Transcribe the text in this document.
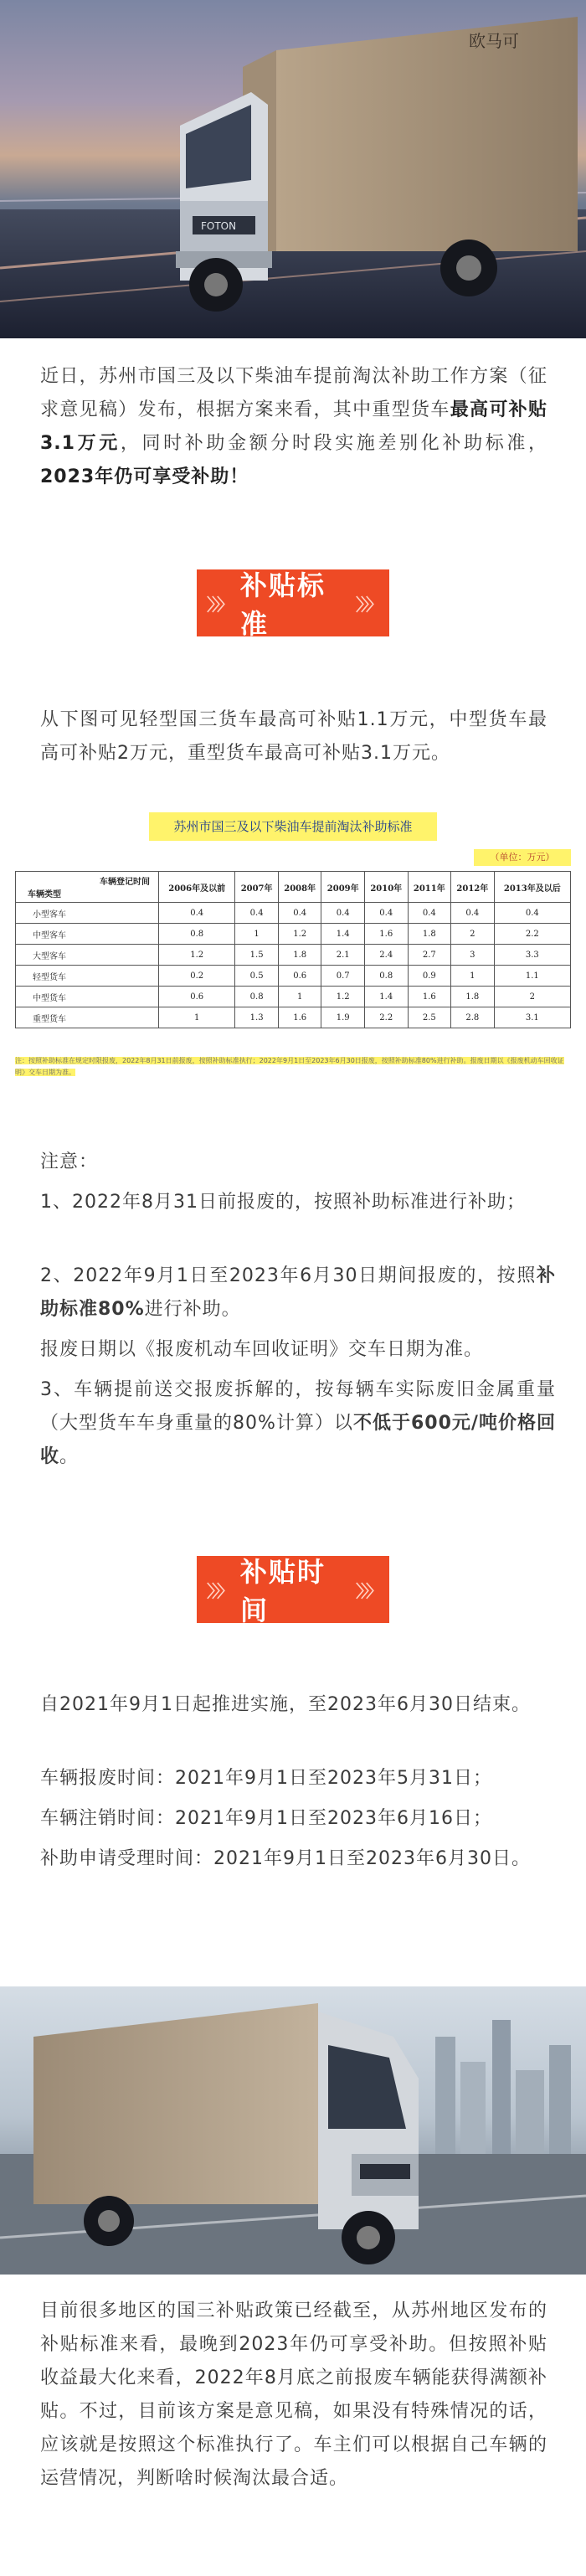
FOTON
欧马可

近日，苏州市国三及以下柴油车提前淘汰补助工作方案（征求意见稿）发布，根据方案来看，其中重型货车最高可补贴3.1万元，同时补助金额分时段实施差别化补助标准，2023年仍可享受补助！

〉〉〉
补贴标准
〉〉〉

从下图可见轻型国三货车最高可补贴1.1万元，中型货车最高可补贴2万元，重型货车最高可补贴3.1万元。

苏州市国三及以下柴油车提前淘汰补助标准
（单位：万元）
车辆登记时间
车辆类型	2006年及以前	2007年	2008年	2009年	2010年	2011年	2012年	2013年及以后
小型客车	0.4	0.4	0.4	0.4	0.4	0.4	0.4	0.4
中型客车	0.8	1	1.2	1.4	1.6	1.8	2	2.2
大型客车	1.2	1.5	1.8	2.1	2.4	2.7	3	3.3
轻型货车	0.2	0.5	0.6	0.7	0.8	0.9	1	1.1
中型货车	0.6	0.8	1	1.2	1.4	1.6	1.8	2
重型货车	1	1.3	1.6	1.9	2.2	2.5	2.8	3.1
注：按照补助标准在规定时限报废，2022年8月31日前报废，按照补助标准执行；2022年9月1日至2023年6月30日报废，按照补助标准80%进行补助。报废日期以《报废机动车回收证明》交车日期为准。
注意：

1、2022年8月31日前报废的，按照补助标准进行补助；

2、2022年9月1日至2023年6月30日期间报废的，按照补助标准80%进行补助。

报废日期以《报废机动车回收证明》交车日期为准。

3、车辆提前送交报废拆解的，按每辆车实际废旧金属重量（大型货车车身重量的80%计算）以不低于600元/吨价格回收。

〉〉〉
补贴时间
〉〉〉

自2021年9月1日起推进实施，至2023年6月30日结束。

车辆报废时间：2021年9月1日至2023年5月31日；
车辆注销时间：2021年9月1日至2023年6月16日；

补助申请受理时间：2021年9月1日至2023年6月30日。

目前很多地区的国三补贴政策已经截至，从苏州地区发布的补贴标准来看，最晚到2023年仍可享受补助。但按照补贴收益最大化来看，2022年8月底之前报废车辆能获得满额补贴。不过，目前该方案是意见稿，如果没有特殊情况的话，应该就是按照这个标准执行了。车主们可以根据自己车辆的运营情况，判断啥时候淘汰最合适。

卡车之家
